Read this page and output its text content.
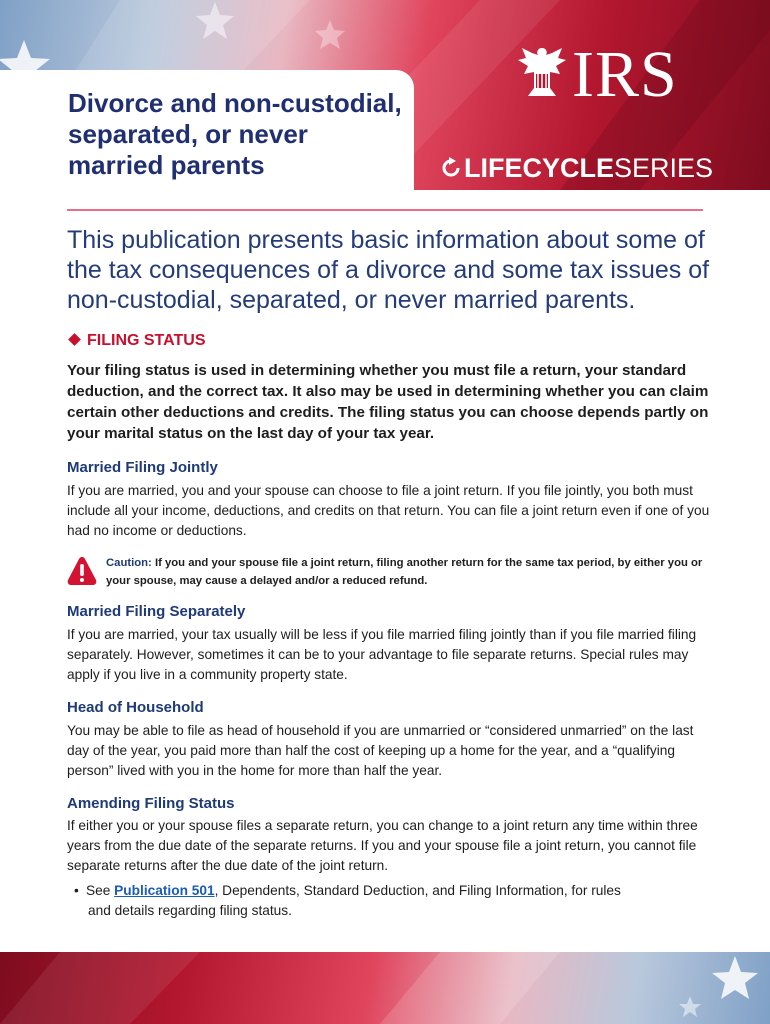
Divorce and non-custodial, separated, or never married parents
IRS
LIFECYCLESERIES

This publication presents basic information about some of the tax consequences of a divorce and some tax issues of non-custodial, separated, or never married parents.

FILING STATUS

Your filing status is used in determining whether you must file a return, your standard deduction, and the correct tax. It also may be used in determining whether you can claim certain other deductions and credits. The filing status you can choose depends partly on your marital status on the last day of your tax year.

Married Filing Jointly

If you are married, you and your spouse can choose to file a joint return. If you file jointly, you both must include all your income, deductions, and credits on that return. You can file a joint return even if one of you had no income or deductions.

Caution: If you and your spouse file a joint return, filing another return for the same tax period, by either you or your spouse, may cause a delayed and/or a reduced refund.

Married Filing Separately

If you are married, your tax usually will be less if you file married filing jointly than if you file married filing separately. However, sometimes it can be to your advantage to file separate returns. Special rules may apply if you live in a community property state.

Head of Household

You may be able to file as head of household if you are unmarried or “considered unmarried” on the last day of the year, you paid more than half the cost of keeping up a home for the year, and a “qualifying person” lived with you in the home for more than half the year.

Amending Filing Status

If either you or your spouse files a separate return, you can change to a joint return any time within three years from the due date of the separate returns. If you and your spouse file a joint return, you cannot file separate returns after the due date of the joint return.

• See Publication 501, Dependents, Standard Deduction, and Filing Information, for rules
and details regarding filing status.
